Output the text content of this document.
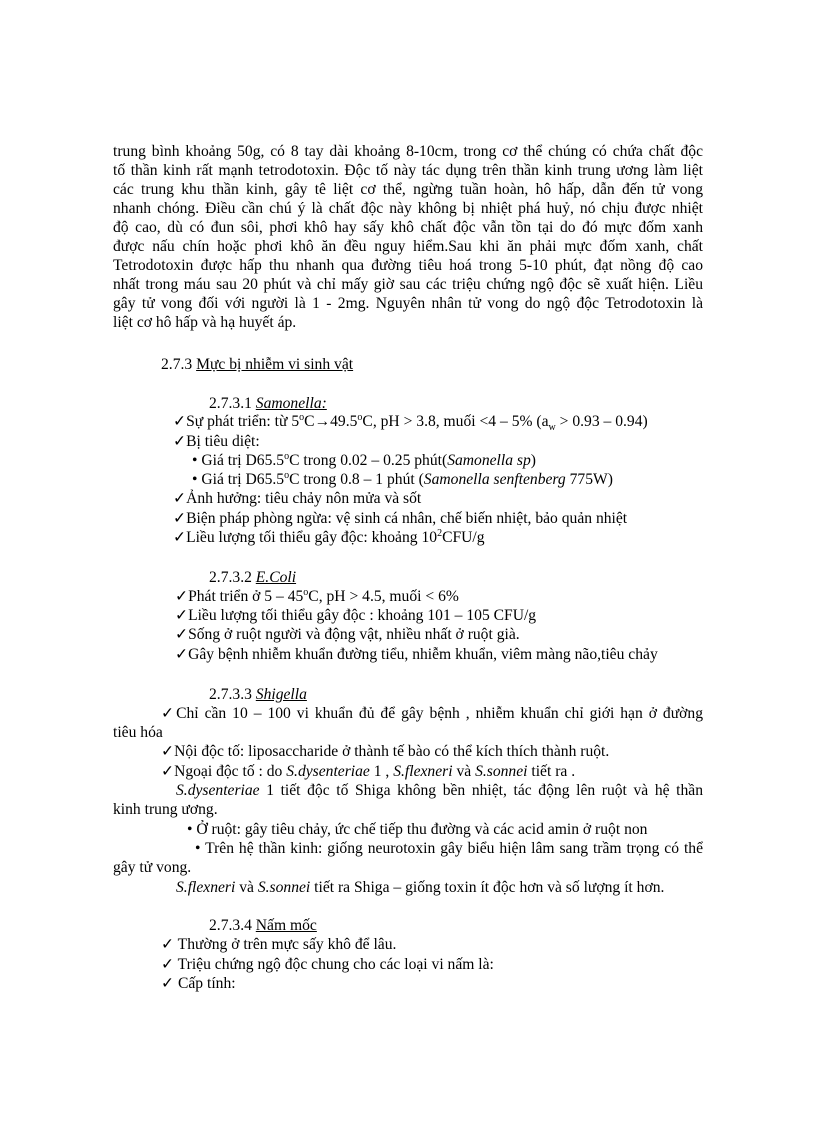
trung bình khoảng 50g, có 8 tay dài khoảng 8-10cm, trong cơ thể chúng có chứa chất độc
tố thần kinh rất mạnh tetrodotoxin. Độc tố này tác dụng trên thần kinh trung ương làm liệt
các trung khu thần kinh, gây tê liệt cơ thể, ngừng tuần hoàn, hô hấp, dẫn đến tử vong
nhanh chóng. Điều cần chú ý là chất độc này không bị nhiệt phá huỷ, nó chịu được nhiệt
độ cao, dù có đun sôi, phơi khô hay sấy khô chất độc vẫn tồn tại do đó mực đốm xanh
được nấu chín hoặc phơi khô ăn đều nguy hiểm.Sau khi ăn phải mực đốm xanh, chất
Tetrodotoxin được hấp thu nhanh qua đường tiêu hoá trong 5-10 phút, đạt nồng độ cao
nhất trong máu sau 20 phút và chỉ mấy giờ sau các triệu chứng ngộ độc sẽ xuất hiện. Liều
gây tử vong đối với người là 1 - 2mg. Nguyên nhân tử vong do ngộ độc Tetrodotoxin là
liệt cơ hô hấp và hạ huyết áp.
2.7.3 Mực bị nhiễm vi sinh vật
2.7.3.1 Samonella:
✓Sự phát triển: từ $5^oC\to 49.5^oC$, pH > 3.8, muối <4 – 5% $(a_w > 0.93 - 0.94)$
✓Bị tiêu diệt:
• Giá trị D65.5$^o$C trong 0.02 – 0.25 phút(Samonella sp)
• Giá trị D65.5$^o$C trong 0.8 – 1 phút (Samonella senftenberg 775W)
✓Ảnh hưởng: tiêu chảy nôn mửa và sốt
✓Biện pháp phòng ngừa: vệ sinh cá nhân, chế biến nhiệt, bảo quản nhiệt
✓Liều lượng tối thiểu gây độc: khoảng $10^2CFU/g$
2.7.3.2 E.Coli
✓Phát triển ở 5 – 45$^o$C, pH > 4.5, muối < 6%
✓Liều lượng tối thiểu gây độc : khoảng 101 – 105 CFU/g
✓Sống ở ruột người và động vật, nhiều nhất ở ruột già.
✓Gây bệnh nhiễm khuẩn đường tiểu, nhiễm khuẩn, viêm màng não,tiêu chảy
2.7.3.3 Shigella
✓Chỉ cần 10 – 100 vi khuẩn đủ để gây bệnh , nhiễm khuẩn chỉ giới hạn ở đường
tiêu hóa
✓Nội độc tố: liposaccharide ở thành tế bào có thể kích thích thành ruột.
✓Ngoại độc tố : do S.dysenteriae 1 , S.flexneri và S.sonnei tiết ra .
S.dysenteriae 1 tiết độc tố Shiga không bền nhiệt, tác động lên ruột và hệ thần
kinh trung ương.
• Ở ruột: gây tiêu chảy, ức chế tiếp thu đường và các acid amin ở ruột non
• Trên hệ thần kinh: giống neurotoxin gây biểu hiện lâm sang trầm trọng có thể
gây tử vong.
S.flexneri và S.sonnei tiết ra Shiga – giống toxin ít độc hơn và số lượng ít hơn.
2.7.3.4 Nấm mốc
✓ Thường ở trên mực sấy khô để lâu.
✓ Triệu chứng ngộ độc chung cho các loại vi nấm là:
✓ Cấp tính:
